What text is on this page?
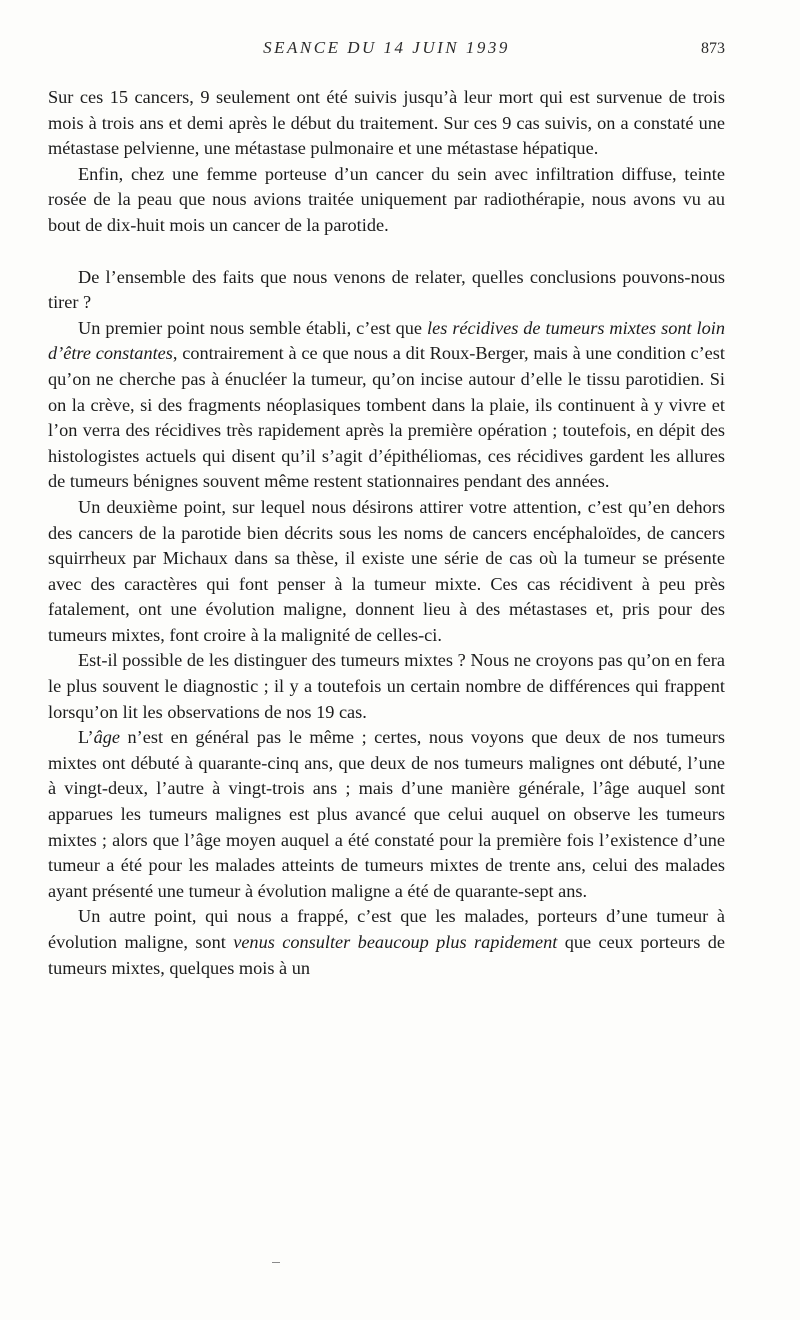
SEANCE DU 14 JUIN 1939	873

Sur ces 15 cancers, 9 seulement ont été suivis jusqu’à leur mort qui est survenue de trois mois à trois ans et demi après le début du traitement. Sur ces 9 cas suivis, on a constaté une métastase pelvienne, une métastase pulmonaire et une métastase hépatique.

Enfin, chez une femme porteuse d’un cancer du sein avec infiltration diffuse, teinte rosée de la peau que nous avions traitée uniquement par radiothérapie, nous avons vu au bout de dix-huit mois un cancer de la parotide.

De l’ensemble des faits que nous venons de relater, quelles conclusions pouvons-nous tirer ?

Un premier point nous semble établi, c’est que les récidives de tumeurs mixtes sont loin d’être constantes, contrairement à ce que nous a dit Roux-Berger, mais à une condition c’est qu’on ne cherche pas à énucléer la tumeur, qu’on incise autour d’elle le tissu parotidien. Si on la crève, si des fragments néoplasiques tombent dans la plaie, ils continuent à y vivre et l’on verra des récidives très rapidement après la première opération ; toutefois, en dépit des histologistes actuels qui disent qu’il s’agit d’épithéliomas, ces récidives gardent les allures de tumeurs bénignes souvent même restent stationnaires pendant des années.

Un deuxième point, sur lequel nous désirons attirer votre attention, c’est qu’en dehors des cancers de la parotide bien décrits sous les noms de cancers encéphaloïdes, de cancers squirrheux par Michaux dans sa thèse, il existe une série de cas où la tumeur se présente avec des caractères qui font penser à la tumeur mixte. Ces cas récidivent à peu près fatalement, ont une évolution maligne, donnent lieu à des métastases et, pris pour des tumeurs mixtes, font croire à la malignité de celles-ci.

Est-il possible de les distinguer des tumeurs mixtes ? Nous ne croyons pas qu’on en fera le plus souvent le diagnostic ; il y a toutefois un certain nombre de différences qui frappent lorsqu’on lit les observations de nos 19 cas.

L’âge n’est en général pas le même ; certes, nous voyons que deux de nos tumeurs mixtes ont débuté à quarante-cinq ans, que deux de nos tumeurs malignes ont débuté, l’une à vingt-deux, l’autre à vingt-trois ans ; mais d’une manière générale, l’âge auquel sont apparues les tumeurs malignes est plus avancé que celui auquel on observe les tumeurs mixtes ; alors que l’âge moyen auquel a été constaté pour la première fois l’existence d’une tumeur a été pour les malades atteints de tumeurs mixtes de trente ans, celui des malades ayant présenté une tumeur à évolution maligne a été de quarante-sept ans.

Un autre point, qui nous a frappé, c’est que les malades, porteurs d’une tumeur à évolution maligne, sont venus consulter beaucoup plus rapidement que ceux porteurs de tumeurs mixtes, quelques mois à un
